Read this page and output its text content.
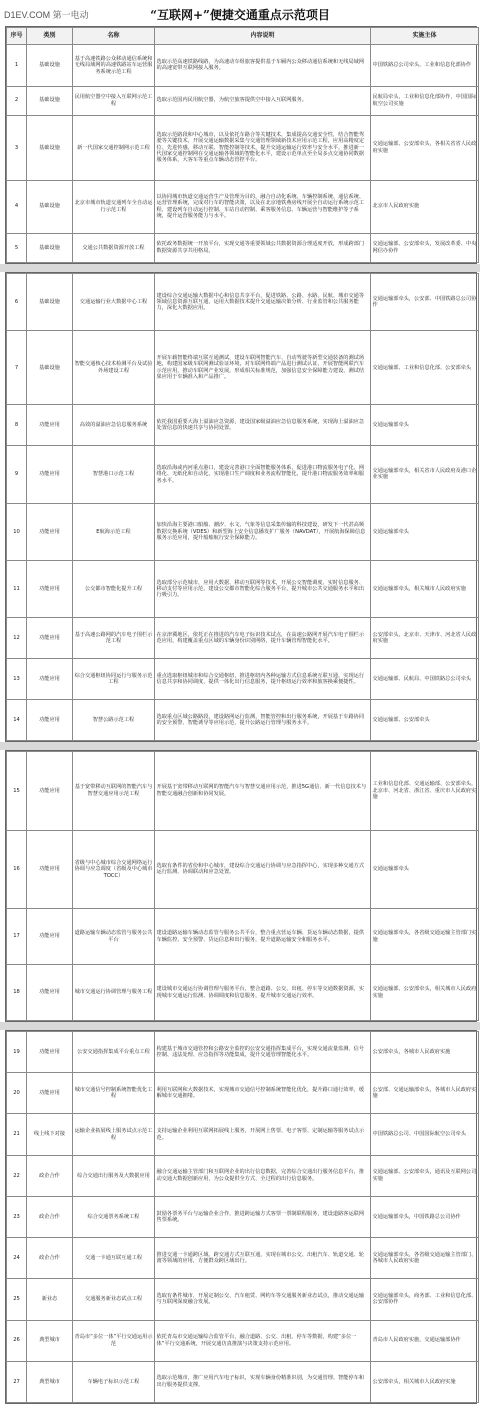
D1EV.COM 第一电动	“互联网+”便捷交通重点示范项目
序号	类别	名称	内容说明	实施主体
1	基础设施	基于高速铁路公众移动通信系统和无线局域网的高速铁路站车运营服务系统示范工程	选取示范高速铁路线路，为高速动车组旅客提供基于车厢内公众移动通信系统和无线局域网的高速宽带互联网接入服务。	中国铁路总公司牵头，工业和信息化部协作
2	基础设施	民用航空器空中接入互联网示范工程	选取示范国内民用航空器，为航空旅客提供空中接入互联网服务。	民航局牵头，工业和信息化部协作，中国国际航空公司实施
3	基础设施	新一代国家交通控制网示范工程	选取示范路段和中心城市，以及依托车路合等关键技术，集成提高交通安全性，结合智能驾驶等关键技术，开展交通运输数据采集与交通管理领域新技术应用示范工程，应用高精度定位、先进传感、移动互联、智能控制等技术，提升交通运输运行效率与安全水平，推进新一代国家交通控制网在交通运输各领域的智能化水平，建设示范单点至全局多点交通协同数据服务体系，大客车等重点车辆动态管控平台。	交通运输部、公安部牵头，各相关省省人民政府实施
4	基础设施	北京市城市轨道交通列车全自动运行示范工程	以协同城市轨道交通运营生产及管理为目的，融合自动化系统、车辆控制系统、通信系统、运营管理系统，完成对行车的智能决策，以及在北京地铁燕房线开展全自动运行系统示范工程，建设列车自动运行控制、车站自动控制、乘客服务信息、车辆运营与智能维护等子系统，提升运营服务能力与水平。	北京市人民政府实施
5	基础设施	交通公共数据资源开放工程	依托政务数据统一开放平台，实现交通等重要领域公共数据资源合理适度开放，形成跨部门数据资源共享共用格局。	交通运输部、公安部牵头，发展改革委、中央网信办协作
6	基础设施	交通运输行业大数据中心工程	建设综合交通运输大数据中心和信息共享平台，促进铁路、公路、水路、民航、城市交通等领域信息资源互联互通，运用大数据技术提升交通运输决策分析、行业监管和公共服务能力，深化大数据应用。	交通运输部牵头，公安部、中国铁路总公司协作
7	基础设施	智能交通核心技术检测平台及试验外场建设工程	开展车载智能终端互联互通测试，建设车联网智能汽车、自动驾驶等新型交通装备的测试场地，构建国家级车联网测试验证环境，对车联网终端产品进行测试认证，开展智能网联汽车示范应用，推动车联网产业发展，形成相关标准规范，加强信息安全保障能力建设，测试结果应用于车辆准入和产品推广。	交通运输部、工业和信息化部、公安部牵头
8	功能应用	高效的溢油应急信息服务系统	依托我国重要大海上溢油应急资源，建设国家级溢油应急信息服务系统，实现海上溢油应急处置信息的快速共享与协同处置。	交通运输部牵头
9	功能应用	智慧港口示范工程	选取沿海或内河重点港口，建设完善港口全面智能服务体系，促进港口物流服务电子化、网络化、无纸化和自动化，实现港口生产调度和业务流程智能化，提升港口物流服务效率和服务水平。	交通运输部牵头，相关省市人民政府及港口企业实施
10	功能应用	E航海示范工程	加快沿海主要港口船舶、潮汐、水文、气象等信息采集传输的科技建设，研发下一代甚高频数据交换系统（VDES）和新型海上安全信息播发扩广服务（NAVDAT），开展航海保障信息服务示范应用，提升船舶航行安全保障能力。	交通运输部牵头
11	功能应用	公交都市智能化提升工程	选取部分示范城市，应用大数据、移动互联网等技术，开展公交智能调度、实时信息服务、移动支付等应用示范，建设公交都市智能化综合服务平台，提升城市公共交通服务水平和出行吸引力。	交通运输部牵头，相关城市人民政府实施
12	功能应用	基于高速公路网的汽车电子围栏示范工程	在京津冀地区，依托正在推进的汽车电子标识技术试点，在高速公路网开展汽车电子围栏示范应用，构建覆盖重点区域的车辆身份识别网络，提升车辆管理智能化水平。	公安部牵头，北京市、天津市、河北省人民政府实施
13	功能应用	综合交通枢纽协同运行与服务示范工程	重点选取枢纽城市和综合交通枢纽，推进枢纽内各种运输方式信息系统互联互通，实现运行信息共享和协同调度，提供一体化出行信息服务，提升枢纽运行效率和旅客换乘便捷性。	交通运输部、民航局、中国铁路总公司牵头
14	功能应用	智慧公路示范工程	选取重点区域公路路段，建设路网运行监测、智能管控和出行服务系统，开展基于车路协同的安全预警、智能诱导等应用示范，提升公路运行管理与服务水平。	交通运输部、公安部牵头
15	功能应用	基于宽带移动互联网的智能汽车与智慧交通应用示范工程	开展基于宽带移动互联网的智能汽车与智慧交通应用示范，推进5G通信、新一代信息技术与智能交通融合创新和协同发展。	工业和信息化部、交通运输部、公安部牵头，北京市、河北省、浙江省、重庆市人民政府实施
16	功能应用	省级与中心城市综合交通网络运行协调与应急调度（省级及中心城市TOCC）	选取有条件的省份和中心城市，建设综合交通运行协调与应急指挥中心，实现多种交通方式运行监测、协调联动和应急处置。	交通运输部牵头
17	功能应用	道路运输车辆动态监管与服务公共平台	建设道路运输车辆动态监管与服务公共平台，整合重点营运车辆、货运车辆动态数据，提供车辆监控、安全预警、货运信息和出行服务，提升道路运输安全和服务水平。	交通运输部牵头，各省级交通运输主管部门实施
18	功能应用	城市交通运行协调管理与服务工程	建设城市交通运行协调管理与服务平台，整合道路、公交、出租、停车等交通数据资源，实现城市交通运行监测、协调调度和信息服务，提升城市交通运行效率。	交通运输部、公安部牵头，相关城市人民政府实施
19	功能应用	公安交通指挥集成平台重点工程	构建基于城市交通管控和公路安全监控的公安交通指挥集成平台，实现交通流量监测、信号控制、违法处理、应急指挥等功能集成，提升交通管理智能化水平。	公安部牵头，各城市人民政府实施
20	功能应用	城市交通信号控制系统智能优化工程	利用互联网和大数据技术，实现城市交通信号控制系统智能化优化，提升路口通行效率，缓解城市交通拥堵。	公安部、交通运输部牵头，各城市人民政府实施
21	线上线下对接	运输企业拓展线上服务试点示范工程	支持运输企业利用互联网拓展线上服务，开展网上售票、电子客票、定制运输等服务试点示范。	中国铁路总公司、中国国际航空公司牵头
22	政企合作	综合交通出行服务及大数据应用	融合交通运输主管部门和互联网企业的出行信息数据，完善综合交通出行服务信息平台，推动交通大数据创新应用，为公众提供全方式、全过程的出行信息服务。	交通运输部、公安部牵头，通讯及互联网公司实施
23	政企合作	综合交通票务系统工程	鼓励各票务平台与运输企业合作，推进跨运输方式客票一票制联程服务，建设道路客运联网售票系统。	交通运输部牵头，中国铁路总公司协作
24	政企合作	交通一卡通互联互通工程	推进交通一卡通跨区域、跨交通方式互联互通，实现在城市公交、出租汽车、轨道交通、轮渡等领域的应用，方便群众跨区域出行。	交通运输部牵头，各省级交通运输主管部门、各城市人民政府实施
25	新业态	交通服务新业态试点工程	选取有条件城市，开展定制公交、汽车租赁、网约车等交通服务新业态试点，推动交通运输与互联网深度融合发展。	交通运输部牵头，商务部、工业和信息化部、公安部协作
26	典型城市	青岛市“多位一体”平行交通运用示范	依托青岛市交通运输综合监管平台，融合道路、公交、出租、停车等数据，构建“多位一体”平行交通系统，开展交通仿真推演与决策支持示范应用。	青岛市人民政府实施，交通运输部协作
27	典型城市	车辆电子标识示范工程	选取示范城市，推广应用汽车电子标识，实现车辆身份精准识别，为交通管理、智能停车和出行服务提供支撑。	公安部牵头，相关城市人民政府实施
